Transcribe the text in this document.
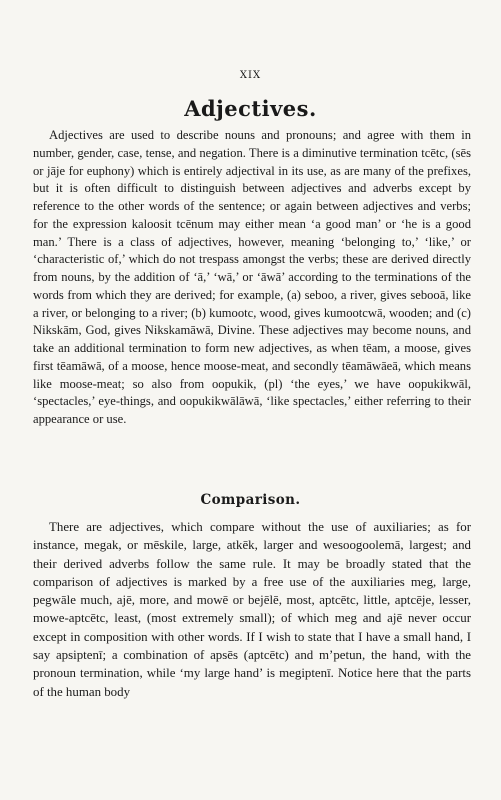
XIX
Adjectives.

Adjectives are used to describe nouns and pronouns; and agree with them in number, gender, case, tense, and negation. There is a diminutive termination tcētc, (sēs or jāje for euphony) which is entirely adjectival in its use, as are many of the prefixes, but it is often difficult to distinguish between adjectives and adverbs except by reference to the other words of the sentence; or again between adjectives and verbs; for the expression kaloosit tcēnum may either mean ‘a good man’ or ‘he is a good man.’ There is a class of adjectives, however, meaning ‘belonging to,’ ‘like,’ or ‘characteristic of,’ which do not trespass amongst the verbs; these are derived directly from nouns, by the addition of ‘ā,’ ‘wā,’ or ‘āwā’ according to the terminations of the words from which they are derived; for example, (a) seboo, a river, gives sebooā, like a river, or belonging to a river; (b) kumootc, wood, gives kumootcwā, wooden; and (c) Nikskām, God, gives Nikskamāwā, Divine. These adjectives may become nouns, and take an additional termination to form new adjectives, as when tēam, a moose, gives first tēamāwā, of a moose, hence moose-meat, and secondly tēamāwāeā, which means like moose-meat; so also from oopukik, (pl) ‘the eyes,’ we have oopukikwāl, ‘spectacles,’ eye-things, and oopukikwālāwā, ‘like spectacles,’ either referring to their appearance or use.

Comparison.

There are adjectives, which compare without the use of auxiliaries; as for instance, megak, or mēskile, large, atkēk, larger and wesoogoolemā, largest; and their derived adverbs follow the same rule. It may be broadly stated that the comparison of adjectives is marked by a free use of the auxiliaries meg, large, pegwāle much, ajē, more, and mowē or bejēlē, most, aptcētc, little, aptcēje, lesser, mowe-aptcētc, least, (most extremely small); of which meg and ajē never occur except in composition with other words. If I wish to state that I have a small hand, I say apsiptenī; a combination of apsēs (aptcētc) and m’petun, the hand, with the pronoun termination, while ‘my large hand’ is megiptenī. Notice here that the parts of the human body
